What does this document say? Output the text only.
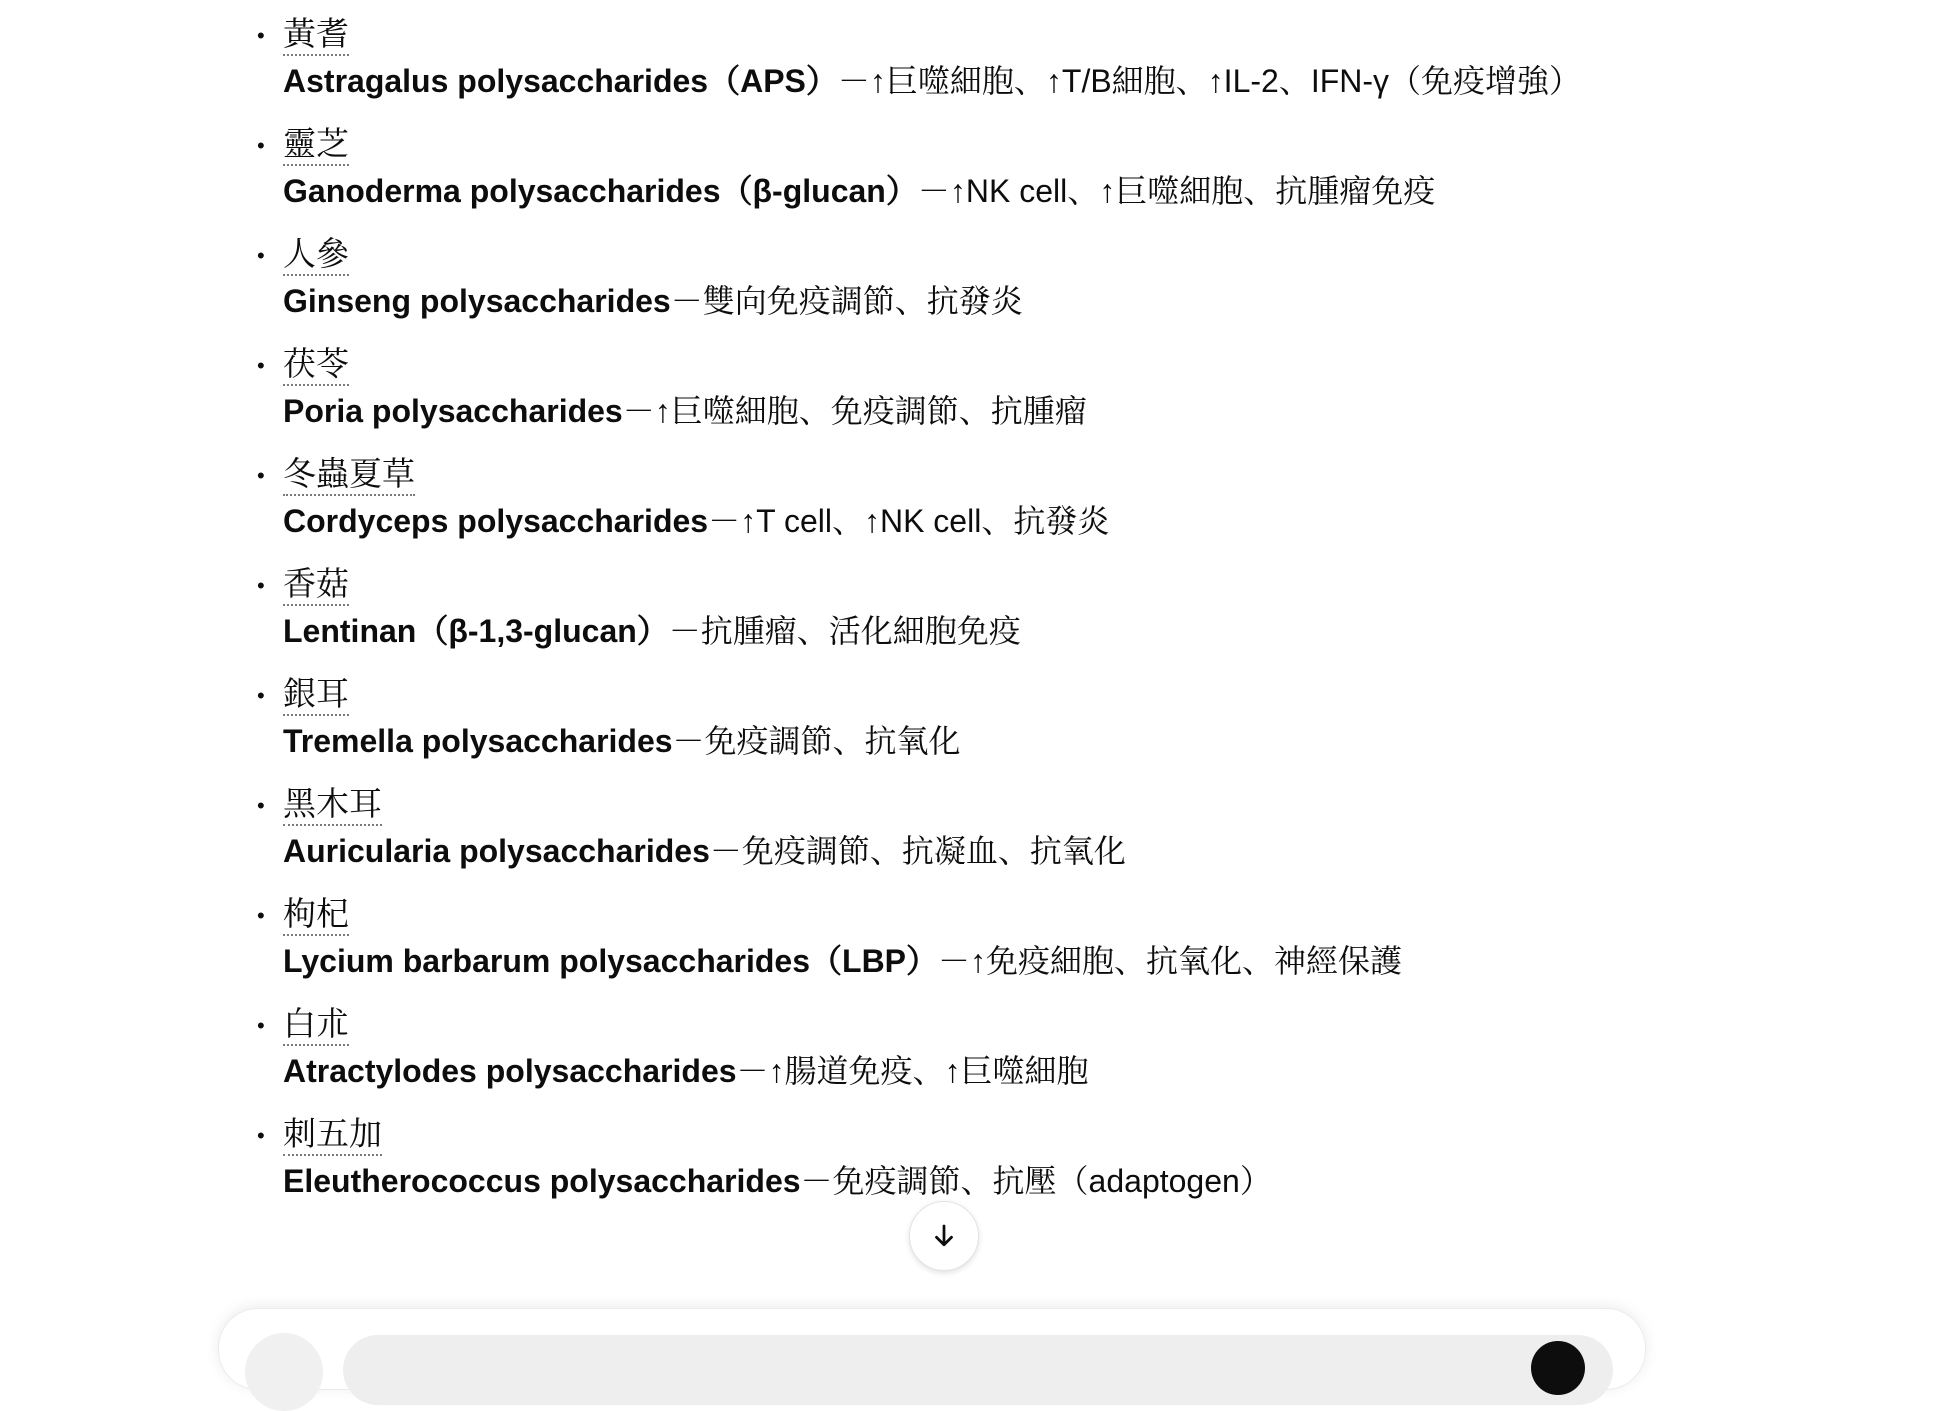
• 黃耆
Astragalus polysaccharides（APS）－↑巨噬細胞、↑T/B細胞、↑IL-2、IFN-γ（免疫增強）
• 靈芝
Ganoderma polysaccharides（β-glucan）－↑NK cell、↑巨噬細胞、抗腫瘤免疫
• 人參
Ginseng polysaccharides－雙向免疫調節、抗發炎
• 茯苓
Poria polysaccharides－↑巨噬細胞、免疫調節、抗腫瘤
• 冬蟲夏草
Cordyceps polysaccharides－↑T cell、↑NK cell、抗發炎
• 香菇
Lentinan（β-1,3-glucan）－抗腫瘤、活化細胞免疫
• 銀耳
Tremella polysaccharides－免疫調節、抗氧化
• 黑木耳
Auricularia polysaccharides－免疫調節、抗凝血、抗氧化
• 枸杞
Lycium barbarum polysaccharides（LBP）－↑免疫細胞、抗氧化、神經保護
• 白朮
Atractylodes polysaccharides－↑腸道免疫、↑巨噬細胞
• 刺五加
Eleutherococcus polysaccharides－免疫調節、抗壓（adaptogen）
